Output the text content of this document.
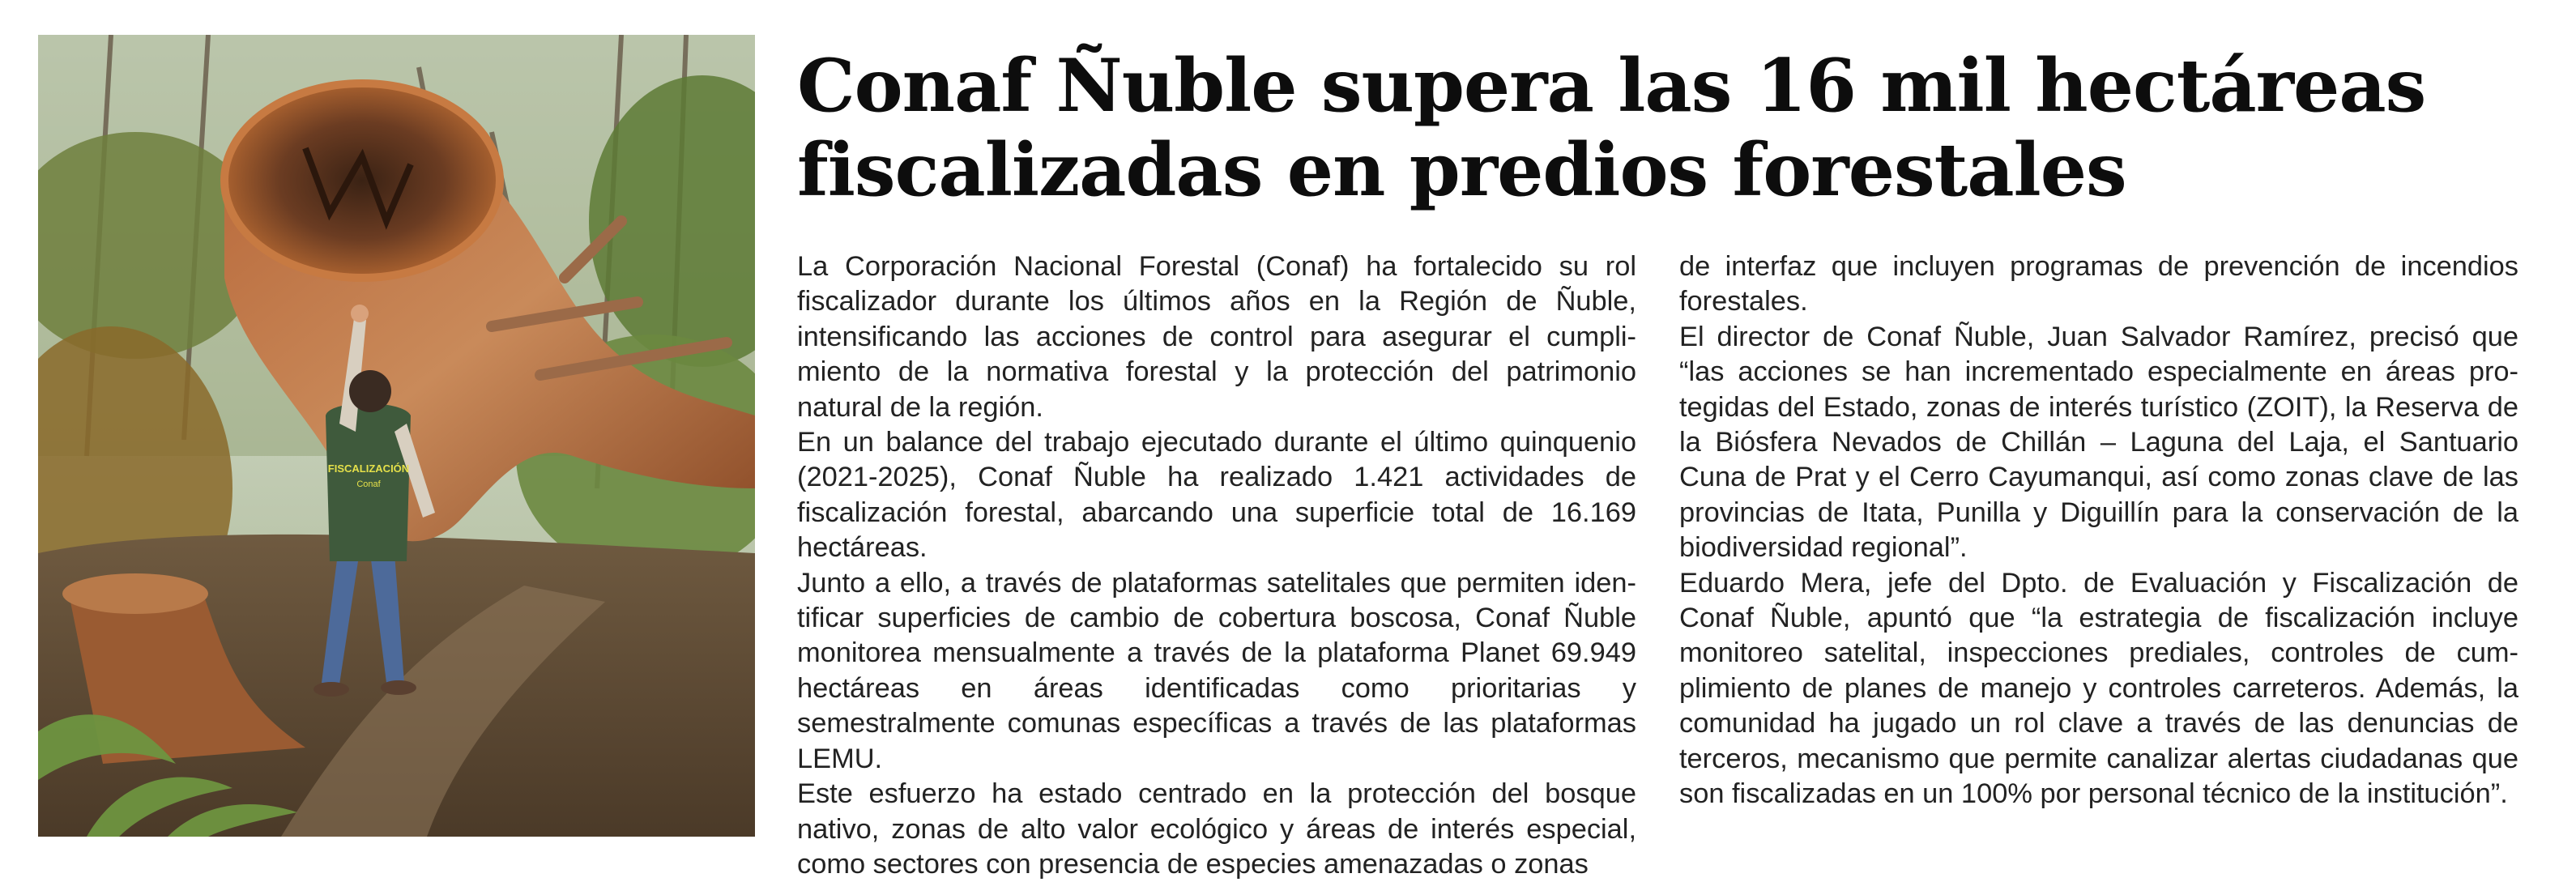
FISCALIZACIÓN
Conaf
Conaf Ñuble supera las 16 mil hectáreas
fiscalizadas en predios forestales

La Corporación Nacional Forestal (Conaf) ha fortalecido su rol fiscalizador durante los últimos años en la Región de Ñuble, intensificando las acciones de control para asegurar el cumplimiento de la normativa forestal y la protección del patrimonio natural de la región.

En un balance del trabajo ejecutado durante el último quinquenio (2021-2025), Conaf Ñuble ha realizado 1.421 actividades de fiscalización forestal, abarcando una superficie total de 16.169 hectáreas.

Junto a ello, a través de plataformas satelitales que permiten identificar superficies de cambio de cobertura boscosa, Conaf Ñuble monitorea mensualmente a través de la plataforma Planet 69.949 hectáreas en áreas identificadas como prioritarias y semestralmente comunas específicas a través de las plataformas LEMU.

Este esfuerzo ha estado centrado en la protección del bosque nativo, zonas de alto valor ecológico y áreas de interés especial, como sectores con presencia de especies amenazadas o zonas

de interfaz que incluyen programas de prevención de incendios forestales.

El director de Conaf Ñuble, Juan Salvador Ramírez, precisó que “las acciones se han incrementado especialmente en áreas protegidas del Estado, zonas de interés turístico (ZOIT), la Reserva de la Biósfera Nevados de Chillán – Laguna del Laja, el Santuario Cuna de Prat y el Cerro Cayumanqui, así como zonas clave de las provincias de Itata, Punilla y Diguillín para la conservación de la biodiversidad regional”.

Eduardo Mera, jefe del Dpto. de Evaluación y Fiscalización de Conaf Ñuble, apuntó que “la estrategia de fiscalización incluye monitoreo satelital, inspecciones prediales, controles de cumplimiento de planes de manejo y controles carreteros. Además, la comunidad ha jugado un rol clave a través de las denuncias de terceros, mecanismo que permite canalizar alertas ciudadanas que son fiscalizadas en un 100% por personal técnico de la institución”.
